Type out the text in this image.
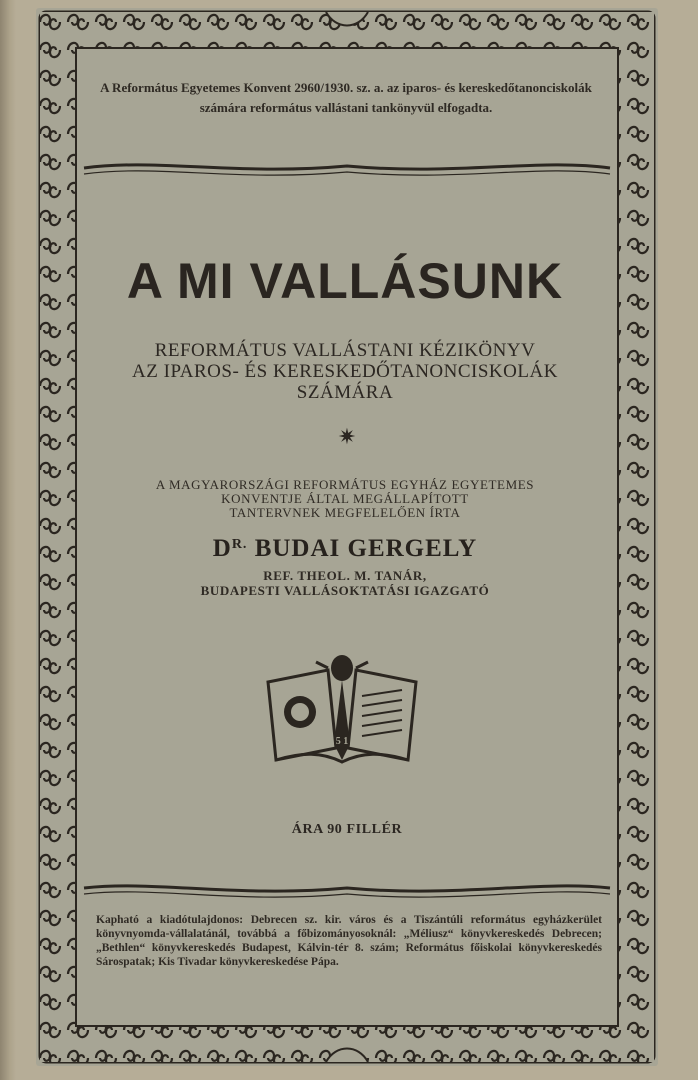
A Református Egyetemes Konvent 2960/1930. sz. a. az iparos- és kereskedőtanonciskolák számára református vallástani tankönyvül elfogadta.
A MI VALLÁSUNK
REFORMÁTUS VALLÁSTANI KÉZIKÖNYV
AZ IPAROS- ÉS KERESKEDŐTANONCISKOLÁK
SZÁMÁRA
✷
A MAGYARORSZÁGI REFORMÁTUS EGYHÁZ EGYETEMES
KONVENTJE ÁLTAL MEGÁLLAPÍTOTT
TANTERVNEK MEGFELELŐEN ÍRTA
$D^{R.}$ BUDAI GERGELY
REF. THEOL. M. TANÁR,
BUDAPESTI VALLÁSOKTATÁSI IGAZGATÓ
1 5 1 7
ÁRA 90 FILLÉR
Kapható a kiadótulajdonos: Debrecen sz. kir. város és a Tiszántúli református egyházkerület könyvnyomda-vállalatánál, továbbá a főbizományosoknál: „Méliusz“ könyvkereskedés Debrecen; „Bethlen“ könyvkereskedés Budapest, Kálvin-tér 8. szám; Református főiskolai könyvkereskedés Sárospatak; Kis Tivadar könyvkereskedése Pápa.
